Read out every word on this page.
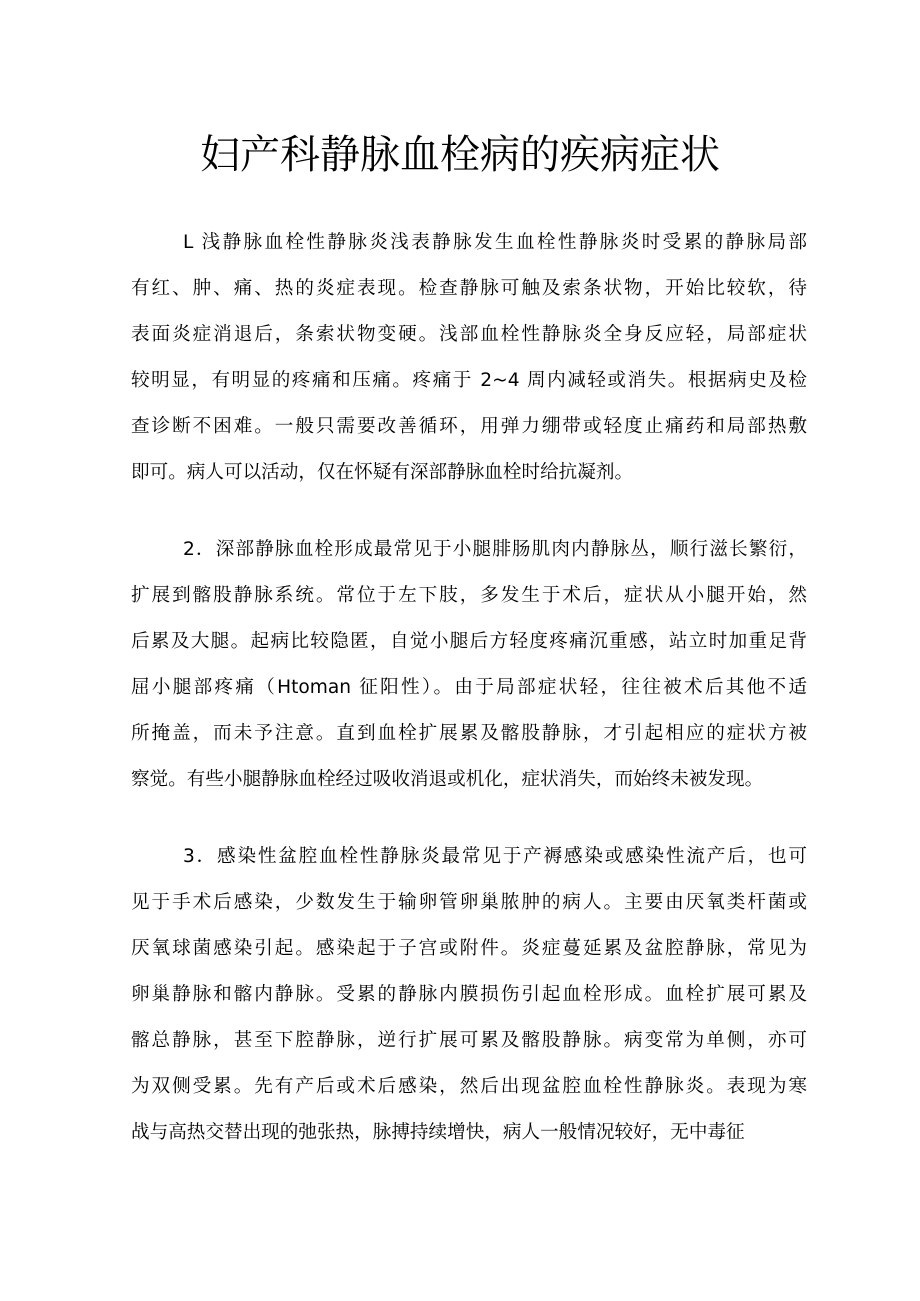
妇产科静脉血栓病的疾病症状
L 浅静脉血栓性静脉炎浅表静脉发生血栓性静脉炎时受累的静脉局部
有红、肿、痛、热的炎症表现。检查静脉可触及索条状物，开始比较软，待
表面炎症消退后，条索状物变硬。浅部血栓性静脉炎全身反应轻，局部症状
较明显，有明显的疼痛和压痛。疼痛于 2~4 周内减轻或消失。根据病史及检
查诊断不困难。一般只需要改善循环，用弹力绷带或轻度止痛药和局部热敷
即可。病人可以活动，仅在怀疑有深部静脉血栓时给抗凝剂。
2．深部静脉血栓形成最常见于小腿腓肠肌肉内静脉丛，顺行滋长繁衍，
扩展到髂股静脉系统。常位于左下肢，多发生于术后，症状从小腿开始，然
后累及大腿。起病比较隐匿，自觉小腿后方轻度疼痛沉重感，站立时加重足背
屈小腿部疼痛（Htoman 征阳性）。由于局部症状轻，往往被术后其他不适
所掩盖，而未予注意。直到血栓扩展累及髂股静脉，才引起相应的症状方被
察觉。有些小腿静脉血栓经过吸收消退或机化，症状消失，而始终未被发现。
3．感染性盆腔血栓性静脉炎最常见于产褥感染或感染性流产后，也可
见于手术后感染，少数发生于输卵管卵巢脓肿的病人。主要由厌氧类杆菌或
厌氧球菌感染引起。感染起于子宫或附件。炎症蔓延累及盆腔静脉，常见为
卵巢静脉和髂内静脉。受累的静脉内膜损伤引起血栓形成。血栓扩展可累及
髂总静脉，甚至下腔静脉，逆行扩展可累及髂股静脉。病变常为单侧，亦可
为双侧受累。先有产后或术后感染，然后出现盆腔血栓性静脉炎。表现为寒
战与高热交替出现的弛张热，脉搏持续增快，病人一般情况较好，无中毒征
